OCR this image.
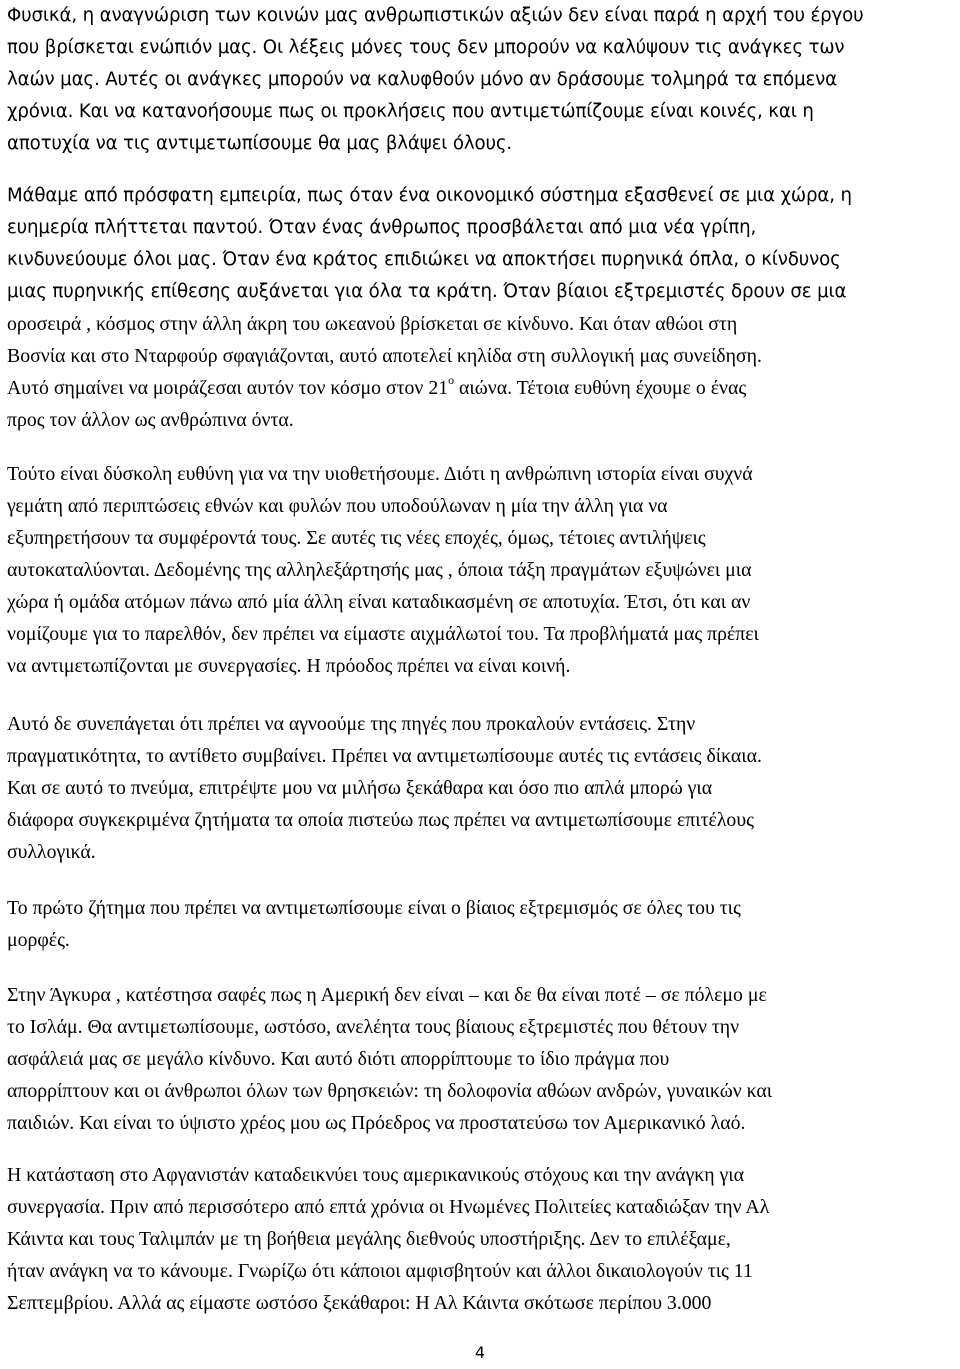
Φυσικά, η αναγνώριση των κοινών μας ανθρωπιστικών αξιών δεν είναι παρά η αρχή του έργου
που βρίσκεται ενώπιόν μας. Οι λέξεις μόνες τους δεν μπορούν να καλύψουν τις ανάγκες των
λαών μας. Αυτές οι ανάγκες μπορούν να καλυφθούν μόνο αν δράσουμε τολμηρά τα επόμενα
χρόνια. Και να κατανοήσουμε πως οι προκλήσεις που αντιμετώπίζουμε είναι κοινές, και η
αποτυχία να τις αντιμετωπίσουμε θα μας βλάψει όλους.
Μάθαμε από πρόσφατη εμπειρία, πως όταν ένα οικονομικό σύστημα εξασθενεί σε μια χώρα, η
ευημερία πλήττεται παντού. Όταν ένας άνθρωπος προσβάλεται από μια νέα γρίπη,
κινδυνεύουμε όλοι μας. Όταν ένα κράτος επιδιώκει να αποκτήσει πυρηνικά όπλα, ο κίνδυνος
μιας πυρηνικής επίθεσης αυξάνεται για όλα τα κράτη. Όταν βίαιοι εξτρεμιστές δρουν σε μια
οροσειρά , κόσμος στην άλλη άκρη του ωκεανού βρίσκεται σε κίνδυνο. Και όταν αθώοι στη
Βοσνία και στο Νταρφούρ σφαγιάζονται, αυτό αποτελεί κηλίδα στη συλλογική μας συνείδηση.
Αυτό σημαίνει να μοιράζεσαι αυτόν τον κόσμο στον $21^o$ αιώνα. Τέτοια ευθύνη έχουμε ο ένας
προς τον άλλον ως ανθρώπινα όντα.
Τούτο είναι δύσκολη ευθύνη για να την υιοθετήσουμε. Διότι η ανθρώπινη ιστορία είναι συχνά
γεμάτη από περιπτώσεις εθνών και φυλών που υποδούλωναν η μία την άλλη για να
εξυπηρετήσουν τα συμφέροντά τους. Σε αυτές τις νέες εποχές, όμως, τέτοιες αντιλήψεις
αυτοκαταλύονται. Δεδομένης της αλληλεξάρτησής μας , όποια τάξη πραγμάτων εξυψώνει μια
χώρα ή ομάδα ατόμων πάνω από μία άλλη είναι καταδικασμένη σε αποτυχία. Έτσι, ότι και αν
νομίζουμε για το παρελθόν, δεν πρέπει να είμαστε αιχμάλωτοί του. Τα προβλήματά μας πρέπει
να αντιμετωπίζονται με συνεργασίες. Η πρόοδος πρέπει να είναι κοινή.
Αυτό δε συνεπάγεται ότι πρέπει να αγνοούμε της πηγές που προκαλούν εντάσεις. Στην
πραγματικότητα, το αντίθετο συμβαίνει. Πρέπει να αντιμετωπίσουμε αυτές τις εντάσεις δίκαια.
Και σε αυτό το πνεύμα, επιτρέψτε μου να μιλήσω ξεκάθαρα και όσο πιο απλά μπορώ για
διάφορα συγκεκριμένα ζητήματα τα οποία πιστεύω πως πρέπει να αντιμετωπίσουμε επιτέλους
συλλογικά.
Το πρώτο ζήτημα που πρέπει να αντιμετωπίσουμε είναι ο βίαιος εξτρεμισμός σε όλες του τις
μορφές.
Στην Άγκυρα , κατέστησα σαφές πως η Αμερική δεν είναι – και δε θα είναι ποτέ – σε πόλεμο με
το Ισλάμ. Θα αντιμετωπίσουμε, ωστόσο, ανελέητα τους βίαιους εξτρεμιστές που θέτουν την
ασφάλειά μας σε μεγάλο κίνδυνο. Και αυτό διότι απορρίπτουμε το ίδιο πράγμα που
απορρίπτουν και οι άνθρωποι όλων των θρησκειών: τη δολοφονία αθώων ανδρών, γυναικών και
παιδιών. Και είναι το ύψιστο χρέος μου ως Πρόεδρος να προστατεύσω τον Αμερικανικό λαό.
Η κατάσταση στο Αφγανιστάν καταδεικνύει τους αμερικανικούς στόχους και την ανάγκη για
συνεργασία. Πριν από περισσότερο από επτά χρόνια οι Ηνωμένες Πολιτείες καταδιώξαν την Αλ
Κάιντα και τους Ταλιμπάν με τη βοήθεια μεγάλης διεθνούς υποστήριξης. Δεν το επιλέξαμε,
ήταν ανάγκη να το κάνουμε. Γνωρίζω ότι κάποιοι αμφισβητούν και άλλοι δικαιολογούν τις 11
Σεπτεμβρίου. Αλλά ας είμαστε ωστόσο ξεκάθαροι: Η Αλ Κάιντα σκότωσε περίπου 3.000
4
